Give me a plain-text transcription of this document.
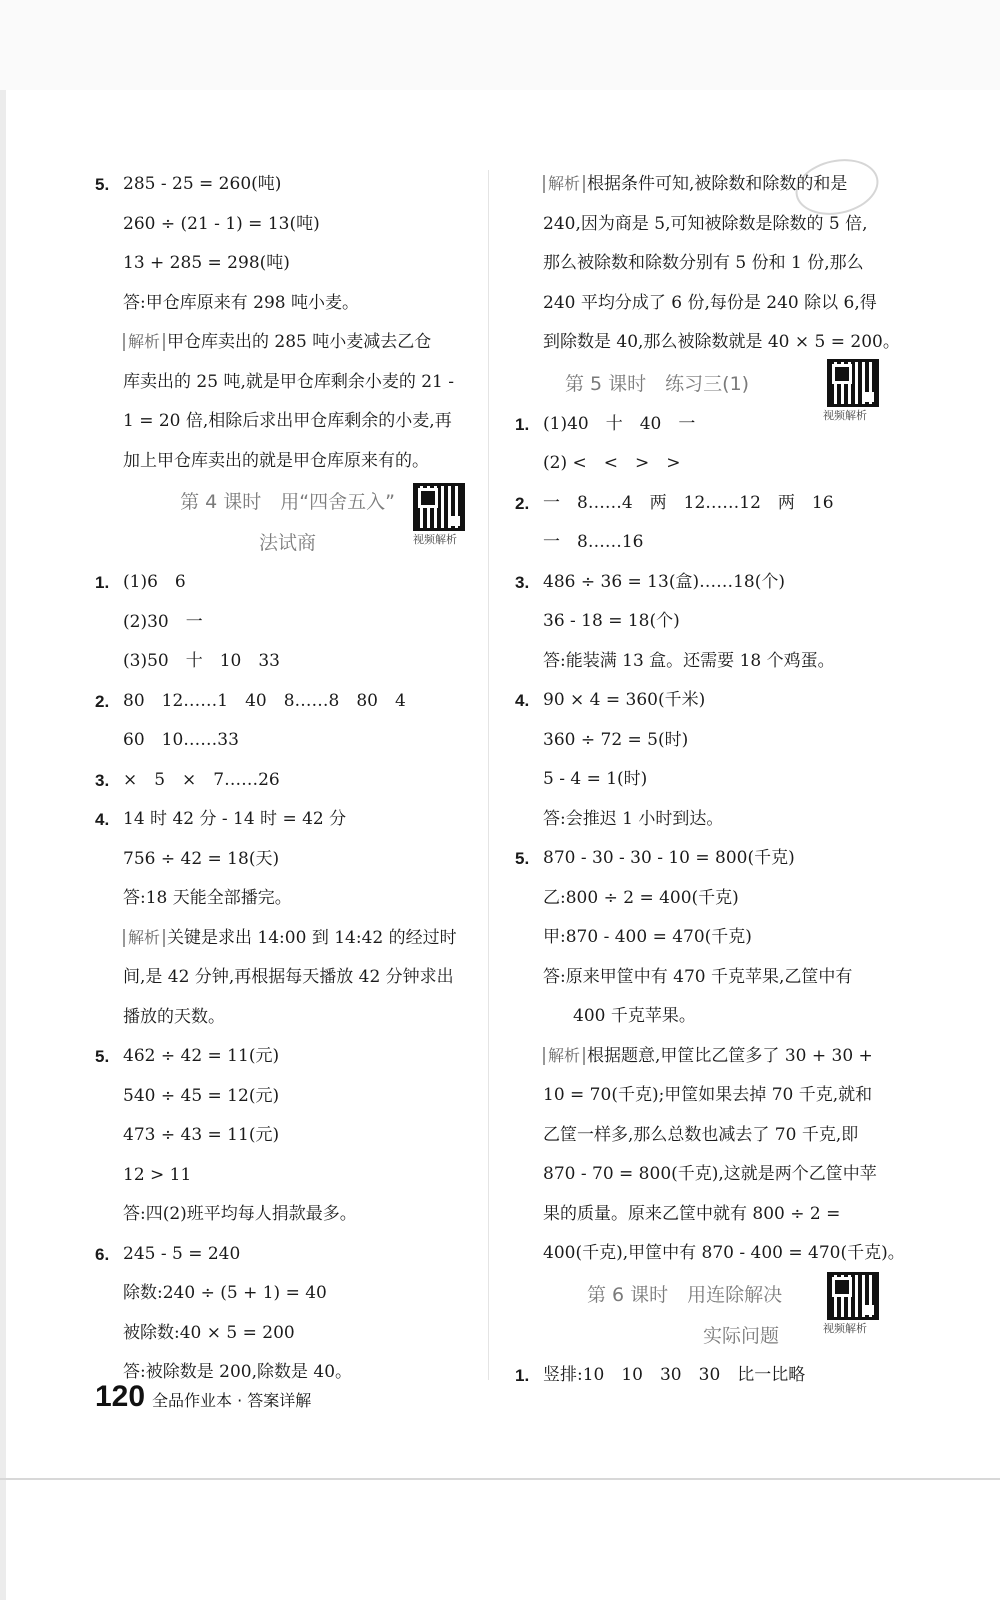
5. 285 - 25 = 260(吨)
260 ÷ (21 - 1) = 13(吨)
13 + 285 = 298(吨)
答:甲仓库原来有 298 吨小麦。
解析 甲仓库卖出的 285 吨小麦减去乙仓
库卖出的 25 吨,就是甲仓库剩余小麦的 21 -
1 = 20 倍,相除后求出甲仓库剩余的小麦,再
加上甲仓库卖出的就是甲仓库原来有的。
第 4 课时　用“四舍五入”
法试商	视频解析
1. (1)6　6
(2)30　一
(3)50　十　10　33
2. 80　12……1　40　8……8　80　4
60　10……33
3. ×　5　×　7……26
4. 14 时 42 分 - 14 时 = 42 分
756 ÷ 42 = 18(天)
答:18 天能全部播完。
解析 关键是求出 14:00 到 14:42 的经过时
间,是 42 分钟,再根据每天播放 42 分钟求出
播放的天数。
5. 462 ÷ 42 = 11(元)
540 ÷ 45 = 12(元)
473 ÷ 43 = 11(元)
12 > 11
答:四(2)班平均每人捐款最多。
6. 245 - 5 = 240
除数:240 ÷ (5 + 1) = 40
被除数:40 × 5 = 200
答:被除数是 200,除数是 40。
解析 根据条件可知,被除数和除数的和是
240,因为商是 5,可知被除数是除数的 5 倍,
那么被除数和除数分别有 5 份和 1 份,那么
240 平均分成了 6 份,每份是 240 除以 6,得
到除数是 40,那么被除数就是 40 × 5 = 200。
第 5 课时　练习三(1)
视频解析
1. (1)40　十　40　一
(2) <　<　>　>
2. 一　8……4　两　12……12　两　16
一　8……16
3. 486 ÷ 36 = 13(盒)……18(个)
36 - 18 = 18(个)
答:能装满 13 盒。还需要 18 个鸡蛋。
4. 90 × 4 = 360(千米)
360 ÷ 72 = 5(时)
5 - 4 = 1(时)
答:会推迟 1 小时到达。
5. 870 - 30 - 30 - 10 = 800(千克)
乙:800 ÷ 2 = 400(千克)
甲:870 - 400 = 470(千克)
答:原来甲筐中有 470 千克苹果,乙筐中有
400 千克苹果。
解析 根据题意,甲筐比乙筐多了 30 + 30 +
10 = 70(千克);甲筐如果去掉 70 千克,就和
乙筐一样多,那么总数也减去了 70 千克,即
870 - 70 = 800(千克),这就是两个乙筐中苹
果的质量。原来乙筐中就有 800 ÷ 2 =
400(千克),甲筐中有 870 - 400 = 470(千克)。
第 6 课时　用连除解决
视频解析
实际问题
1. 竖排:10　10　30　30　比一比略
120 全品作业本 · 答案详解
